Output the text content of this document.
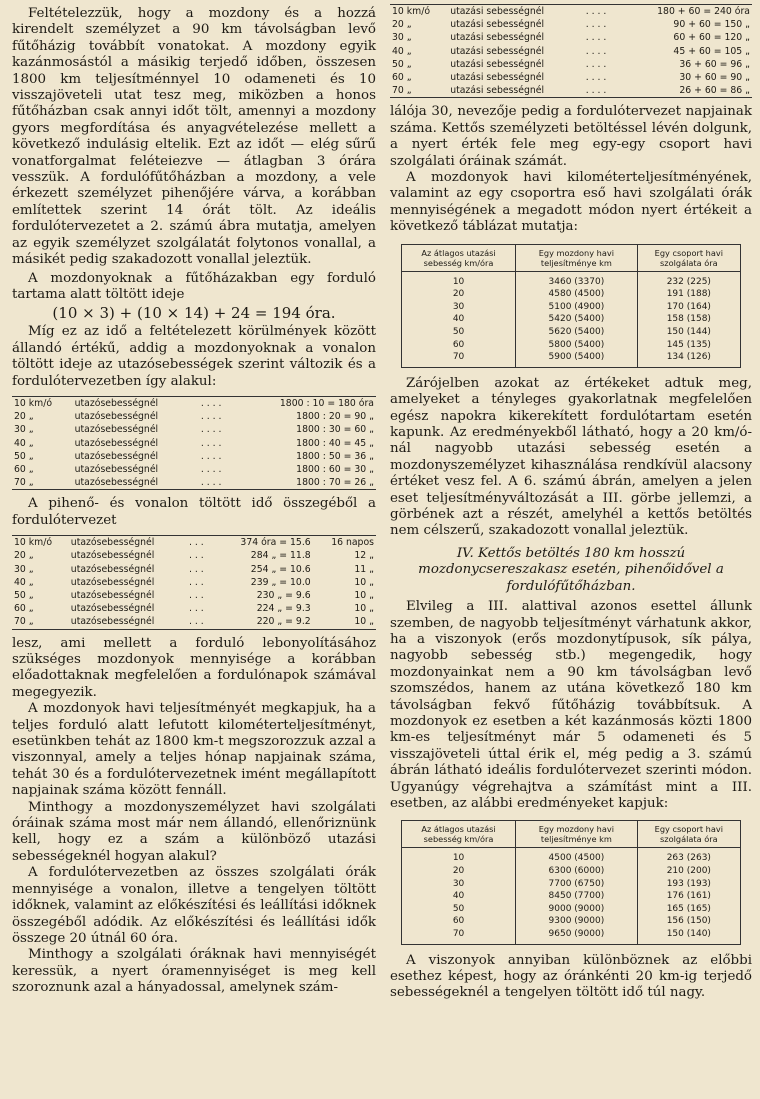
Feltételezzük, hogy a mozdony és a hozzá kirendelt személyzet a 90 km távolságban levő fűtőházig továbbít vonatokat. A mozdony egyik kazánmosástól a másikig terjedő időben, összesen 1800 km teljesítménnyel 10 odameneti és 10 visszajöveteli utat tesz meg, miközben a honos fűtőházban csak annyi időt tölt, amennyi a mozdony gyors megfordítása és anyagvételezése mellett a következő indulásig eltelik. Ezt az időt — elég sűrű vonatforgalmat feléteiezve — átlagban 3 órára vesszük. A fordulófűtőházban a mozdony, a vele érkezett személyzet pihenőjére várva, a korábban említettek szerint 14 órát tölt. Az ideális fordulótervezetet a 2. számú ábra mutatja, amelyen az egyik személyzet szolgálatát folytonos vonallal, a másikét pedig szakadozott vonallal jeleztük.

A mozdonyoknak a fűtőházakban egy forduló tartama alatt töltött ideje

(10 × 3) + (10 × 14) + 24 = 194 óra.

Míg ez az idő a feltételezett körülmények között állandó értékű, addig a mozdonyoknak a vonalon töltött ideje az utazósebességek szerint változik és a fordulótervezetben így alakul:

10 km/ó	utazósebességnél	. . . .	1800 : 10 = 180 óra
20 „	utazósebességnél	. . . .	1800 : 20 = 90 „
30 „	utazósebességnél	. . . .	1800 : 30 = 60 „
40 „	utazósebességnél	. . . .	1800 : 40 = 45 „
50 „	utazósebességnél	. . . .	1800 : 50 = 36 „
60 „	utazósebességnél	. . . .	1800 : 60 = 30 „
70 „	utazósebességnél	. . . .	1800 : 70 = 26 „

A pihenő- és vonalon töltött idő összegéből a fordulótervezet

10 km/ó	utazósebességnél	. . .	374 óra = 15.6	16 napos
20 „	utazósebességnél	. . .	284 „ = 11.8	12 „
30 „	utazósebességnél	. . .	254 „ = 10.6	11 „
40 „	utazósebességnél	. . .	239 „ = 10.0	10 „
50 „	utazósebességnél	. . .	230 „ = 9.6	10 „
60 „	utazósebességnél	. . .	224 „ = 9.3	10 „
70 „	utazósebességnél	. . .	220 „ = 9.2	10 „

lesz, ami mellett a forduló lebonyolításához szükséges mozdonyok mennyisége a korábban előadottaknak megfelelően a fordulónapok számával megegyezik.

A mozdonyok havi teljesítményét megkapjuk, ha a teljes forduló alatt lefutott kilométerteljesítményt, esetünkben tehát az 1800 km-t megszorozzuk azzal a viszonnyal, amely a teljes hónap napjainak száma, tehát 30 és a fordulótervezetnek imént megállapított napjainak száma között fennáll.

Minthogy a mozdonyszemélyzet havi szolgálati óráinak száma most már nem állandó, ellenőriznünk kell, hogy ez a szám a különböző utazási sebességeknél hogyan alakul?

A fordulótervezetben az összes szolgálati órák mennyisége a vonalon, illetve a tengelyen töltött időknek, valamint az előkészítési és leállítási időknek összegéből adódik. Az előkészítési és leállítási idők összege 20 útnál 60 óra.

Minthogy a szolgálati óráknak havi mennyiségét keressük, a nyert óramennyiséget is meg kell szoroznunk azal a hányadossal, amelynek szám-

10 km/ó	utazási sebességnél	. . . .	180 + 60 = 240 óra
20 „	utazási sebességnél	. . . .	90 + 60 = 150 „
30 „	utazási sebességnél	. . . .	60 + 60 = 120 „
40 „	utazási sebességnél	. . . .	45 + 60 = 105 „
50 „	utazási sebességnél	. . . .	36 + 60 = 96 „
60 „	utazási sebességnél	. . . .	30 + 60 = 90 „
70 „	utazási sebességnél	. . . .	26 + 60 = 86 „

lálója 30, nevezője pedig a fordulótervezet napjainak száma. Kettős személyzeti betöltéssel lévén dolgunk, a nyert érték fele meg egy-egy csoport havi szolgálati óráinak számát.

A mozdonyok havi kilométerteljesítményének, valamint az egy csoportra eső havi szolgálati órák mennyiségének a megadott módon nyert értékeit a következő táblázat mutatja:

Az átlagos utazási sebesség km/óra	Egy mozdony havi teljesítménye km	Egy csoport havi szolgálata óra
10	3460 (3370)	232 (225)
20	4580 (4500)	191 (188)
30	5100 (4900)	170 (164)
40	5420 (5400)	158 (158)
50	5620 (5400)	150 (144)
60	5800 (5400)	145 (135)
70	5900 (5400)	134 (126)

Zárójelben azokat az értékeket adtuk meg, amelyeket a tényleges gyakorlatnak megfelelően egész napokra kikerekített fordulótartam esetén kapunk. Az eredményekből látható, hogy a 20 km/ó-nál nagyobb utazási sebesség esetén a mozdonyszemélyzet kihasználása rendkívül alacsony értéket vesz fel. A 6. számú ábrán, amelyen a jelen eset teljesítményváltozását a III. görbe jellemzi, a görbének azt a részét, amelyhél a kettős betöltés nem célszerű, szakadozott vonallal jeleztük.

IV. Kettős betöltés 180 km hosszú mozdonycsereszakasz esetén, pihenőidővel a fordulófűtőházban.

Elvileg a III. alattival azonos esettel állunk szemben, de nagyobb teljesítményt várhatunk akkor, ha a viszonyok (erős mozdonytípusok, sík pálya, nagyobb sebesség stb.) megengedik, hogy mozdonyainkat nem a 90 km távolságban levő szomszédos, hanem az utána következő 180 km távolságban fekvő fűtőházig továbbítsuk. A mozdonyok ez esetben a két kazánmosás közti 1800 km-es teljesítményt már 5 odameneti és 5 visszajöveteli úttal érik el, még pedig a 3. számú ábrán látható ideális fordulótervezet szerinti módon. Ugyanúgy végrehajtva a számítást mint a III. esetben, az alábbi eredményeket kapjuk:

Az átlagos utazási sebesség km/óra	Egy mozdony havi teljesítménye km	Egy csoport havi szolgálata óra
10	4500 (4500)	263 (263)
20	6300 (6000)	210 (200)
30	7700 (6750)	193 (193)
40	8450 (7700)	176 (161)
50	9000 (9000)	165 (165)
60	9300 (9000)	156 (150)
70	9650 (9000)	150 (140)

A viszonyok annyiban különböznek az előbbi esethez képest, hogy az óránkénti 20 km-ig terjedő sebességeknél a tengelyen töltött idő túl nagy.
